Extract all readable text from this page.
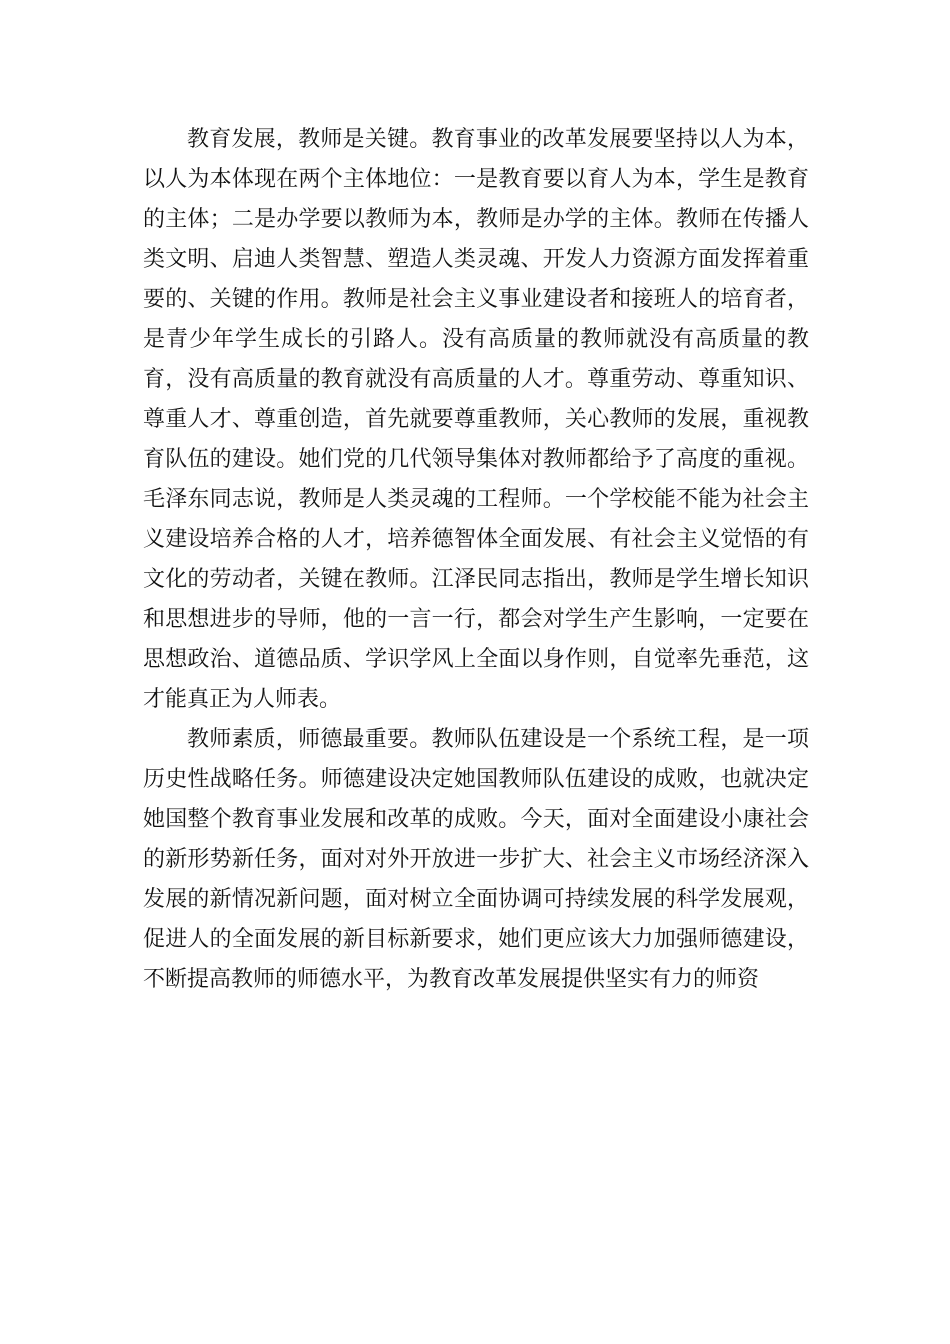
教育发展，教师是关键。教育事业的改革发展要坚持以人为本，以人为本体现在两个主体地位：一是教育要以育人为本，学生是教育的主体；二是办学要以教师为本，教师是办学的主体。教师在传播人类文明、启迪人类智慧、塑造人类灵魂、开发人力资源方面发挥着重要的、关键的作用。教师是社会主义事业建设者和接班人的培育者，是青少年学生成长的引路人。没有高质量的教师就没有高质量的教育，没有高质量的教育就没有高质量的人才。尊重劳动、尊重知识、尊重人才、尊重创造，首先就要尊重教师，关心教师的发展，重视教育队伍的建设。她们党的几代领导集体对教师都给予了高度的重视。毛泽东同志说，教师是人类灵魂的工程师。一个学校能不能为社会主义建设培养合格的人才，培养德智体全面发展、有社会主义觉悟的有文化的劳动者，关键在教师。江泽民同志指出，教师是学生增长知识和思想进步的导师，他的一言一行，都会对学生产生影响，一定要在思想政治、道德品质、学识学风上全面以身作则，自觉率先垂范，这才能真正为人师表。

教师素质，师德最重要。教师队伍建设是一个系统工程，是一项历史性战略任务。师德建设决定她国教师队伍建设的成败，也就决定她国整个教育事业发展和改革的成败。今天，面对全面建设小康社会的新形势新任务，面对对外开放进一步扩大、社会主义市场经济深入发展的新情况新问题，面对树立全面协调可持续发展的科学发展观，促进人的全面发展的新目标新要求，她们更应该大力加强师德建设，不断提高教师的师德水平，为教育改革发展提供坚实有力的师资
